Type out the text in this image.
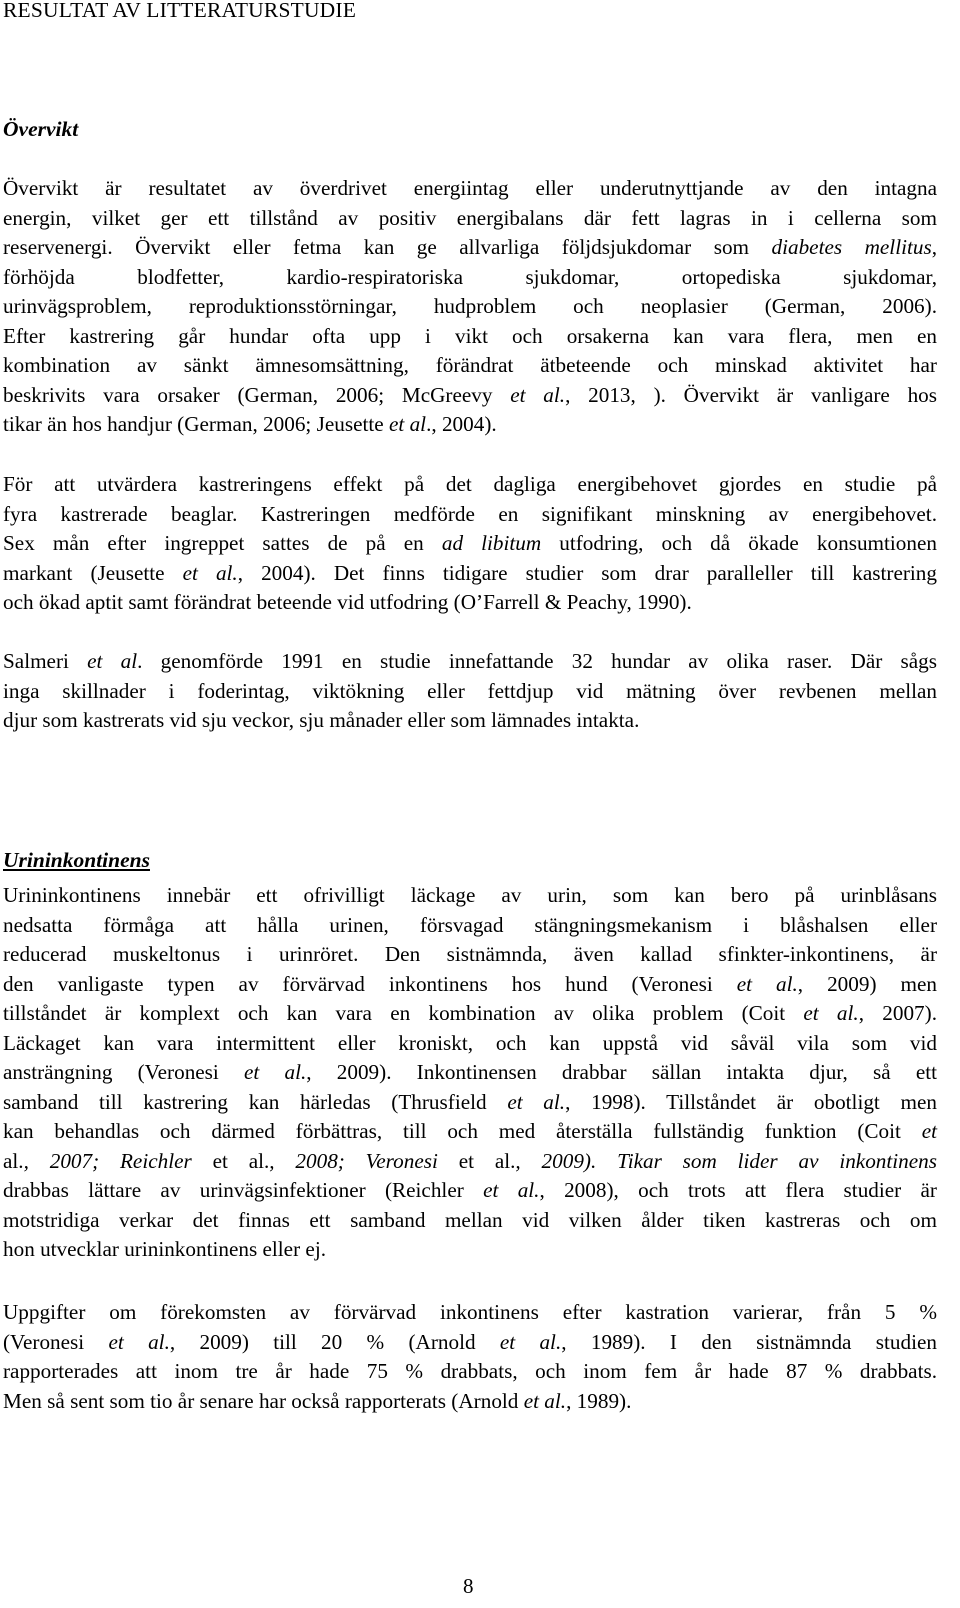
RESULTAT AV LITTERATURSTUDIE
Övervikt
Övervikt är resultatet av överdrivet energiintag eller underutnyttjande av den intagna
energin, vilket ger ett tillstånd av positiv energibalans där fett lagras in i cellerna som
reservenergi. Övervikt eller fetma kan ge allvarliga följdsjukdomar som diabetes mellitus,
förhöjda blodfetter, kardio-respiratoriska sjukdomar, ortopediska sjukdomar,
urinvägsproblem, reproduktionsstörningar, hudproblem och neoplasier (German, 2006).
Efter kastrering går hundar ofta upp i vikt och orsakerna kan vara flera, men en
kombination av sänkt ämnesomsättning, förändrat ätbeteende och minskad aktivitet har
beskrivits vara orsaker (German, 2006; McGreevy et al., 2013, ). Övervikt är vanligare hos
tikar än hos handjur (German, 2006; Jeusette et al., 2004).
För att utvärdera kastreringens effekt på det dagliga energibehovet gjordes en studie på
fyra kastrerade beaglar. Kastreringen medförde en signifikant minskning av energibehovet.
Sex mån efter ingreppet sattes de på en ad libitum utfodring, och då ökade konsumtionen
markant (Jeusette et al., 2004). Det finns tidigare studier som drar paralleller till kastrering
och ökad aptit samt förändrat beteende vid utfodring (O’Farrell & Peachy, 1990).
Salmeri et al. genomförde 1991 en studie innefattande 32 hundar av olika raser. Där sågs
inga skillnader i foderintag, viktökning eller fettdjup vid mätning över revbenen mellan
djur som kastrerats vid sju veckor, sju månader eller som lämnades intakta.
Urininkontinens
Urininkontinens innebär ett ofrivilligt läckage av urin, som kan bero på urinblåsans
nedsatta förmåga att hålla urinen, försvagad stängningsmekanism i blåshalsen eller
reducerad muskeltonus i urinröret. Den sistnämnda, även kallad sfinkter-inkontinens, är
den vanligaste typen av förvärvad inkontinens hos hund (Veronesi et al., 2009) men
tillståndet är komplext och kan vara en kombination av olika problem (Coit et al., 2007).
Läckaget kan vara intermittent eller kroniskt, och kan uppstå vid såväl vila som vid
ansträngning (Veronesi et al., 2009). Inkontinensen drabbar sällan intakta djur, så ett
samband till kastrering kan härledas (Thrusfield et al., 1998). Tillståndet är obotligt men
kan behandlas och därmed förbättras, till och med återställa fullständig funktion (Coit et
al., 2007; Reichler et al., 2008; Veronesi et al., 2009). Tikar som lider av inkontinens
drabbas lättare av urinvägsinfektioner (Reichler et al., 2008), och trots att flera studier är
motstridiga verkar det finnas ett samband mellan vid vilken ålder tiken kastreras och om
hon utvecklar urininkontinens eller ej.
Uppgifter om förekomsten av förvärvad inkontinens efter kastration varierar, från 5 %
(Veronesi et al., 2009) till 20 % (Arnold et al., 1989). I den sistnämnda studien
rapporterades att inom tre år hade 75 % drabbats, och inom fem år hade 87 % drabbats.
Men så sent som tio år senare har också rapporterats (Arnold et al., 1989).
8
